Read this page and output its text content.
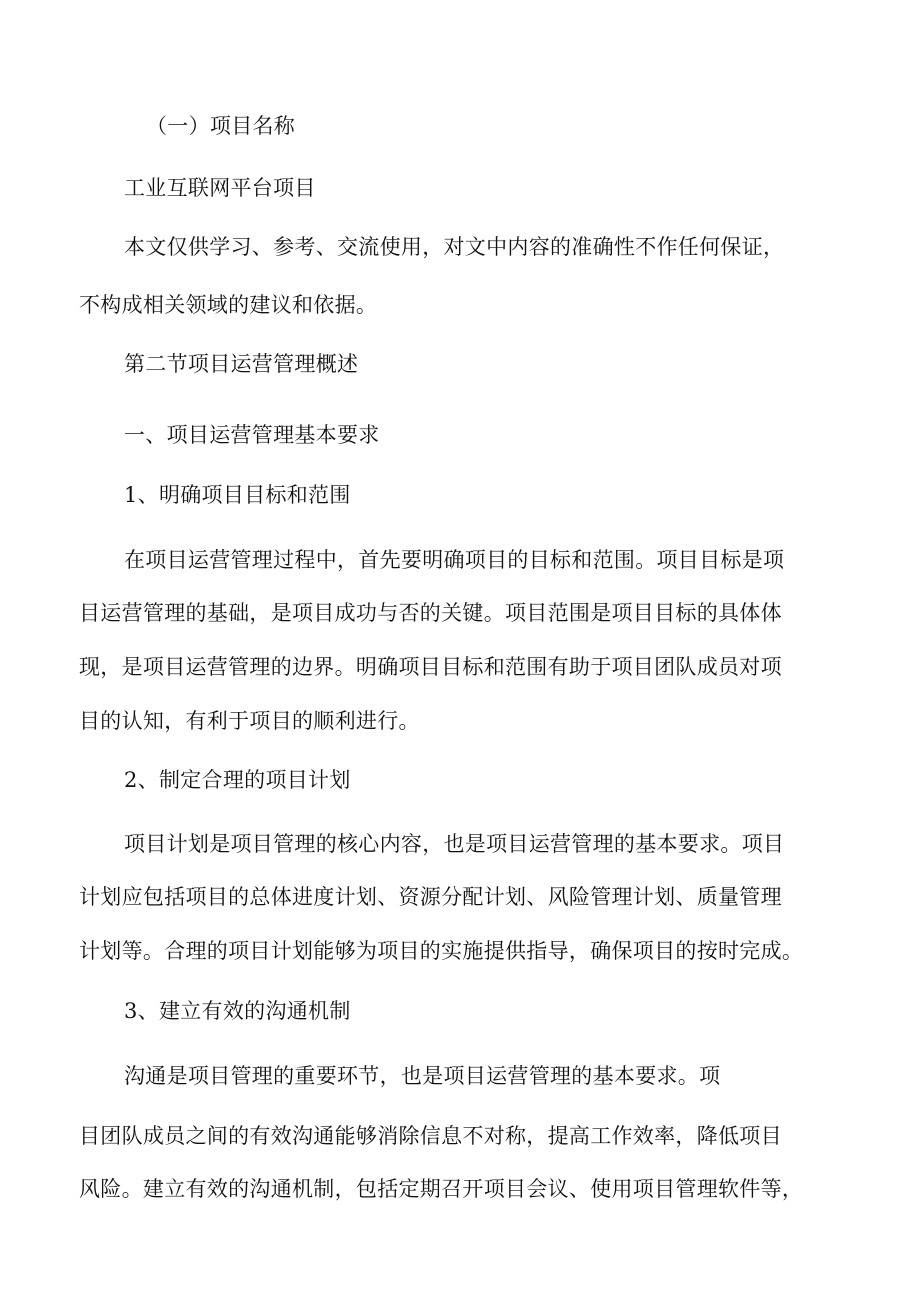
（一）项目名称
工业互联网平台项目
本文仅供学习、参考、交流使用，对文中内容的准确性不作任何保证，
不构成相关领域的建议和依据。
第二节项目运营管理概述
一、项目运营管理基本要求
1、明确项目目标和范围
在项目运营管理过程中，首先要明确项目的目标和范围。项目目标是项
目运营管理的基础，是项目成功与否的关键。项目范围是项目目标的具体体
现，是项目运营管理的边界。明确项目目标和范围有助于项目团队成员对项
目的认知，有利于项目的顺利进行。
2、制定合理的项目计划
项目计划是项目管理的核心内容，也是项目运营管理的基本要求。项目
计划应包括项目的总体进度计划、资源分配计划、风险管理计划、质量管理
计划等。合理的项目计划能够为项目的实施提供指导，确保项目的按时完成。
3、建立有效的沟通机制
沟通是项目管理的重要环节，也是项目运营管理的基本要求。项
目团队成员之间的有效沟通能够消除信息不对称，提高工作效率，降低项目
风险。建立有效的沟通机制，包括定期召开项目会议、使用项目管理软件等，
